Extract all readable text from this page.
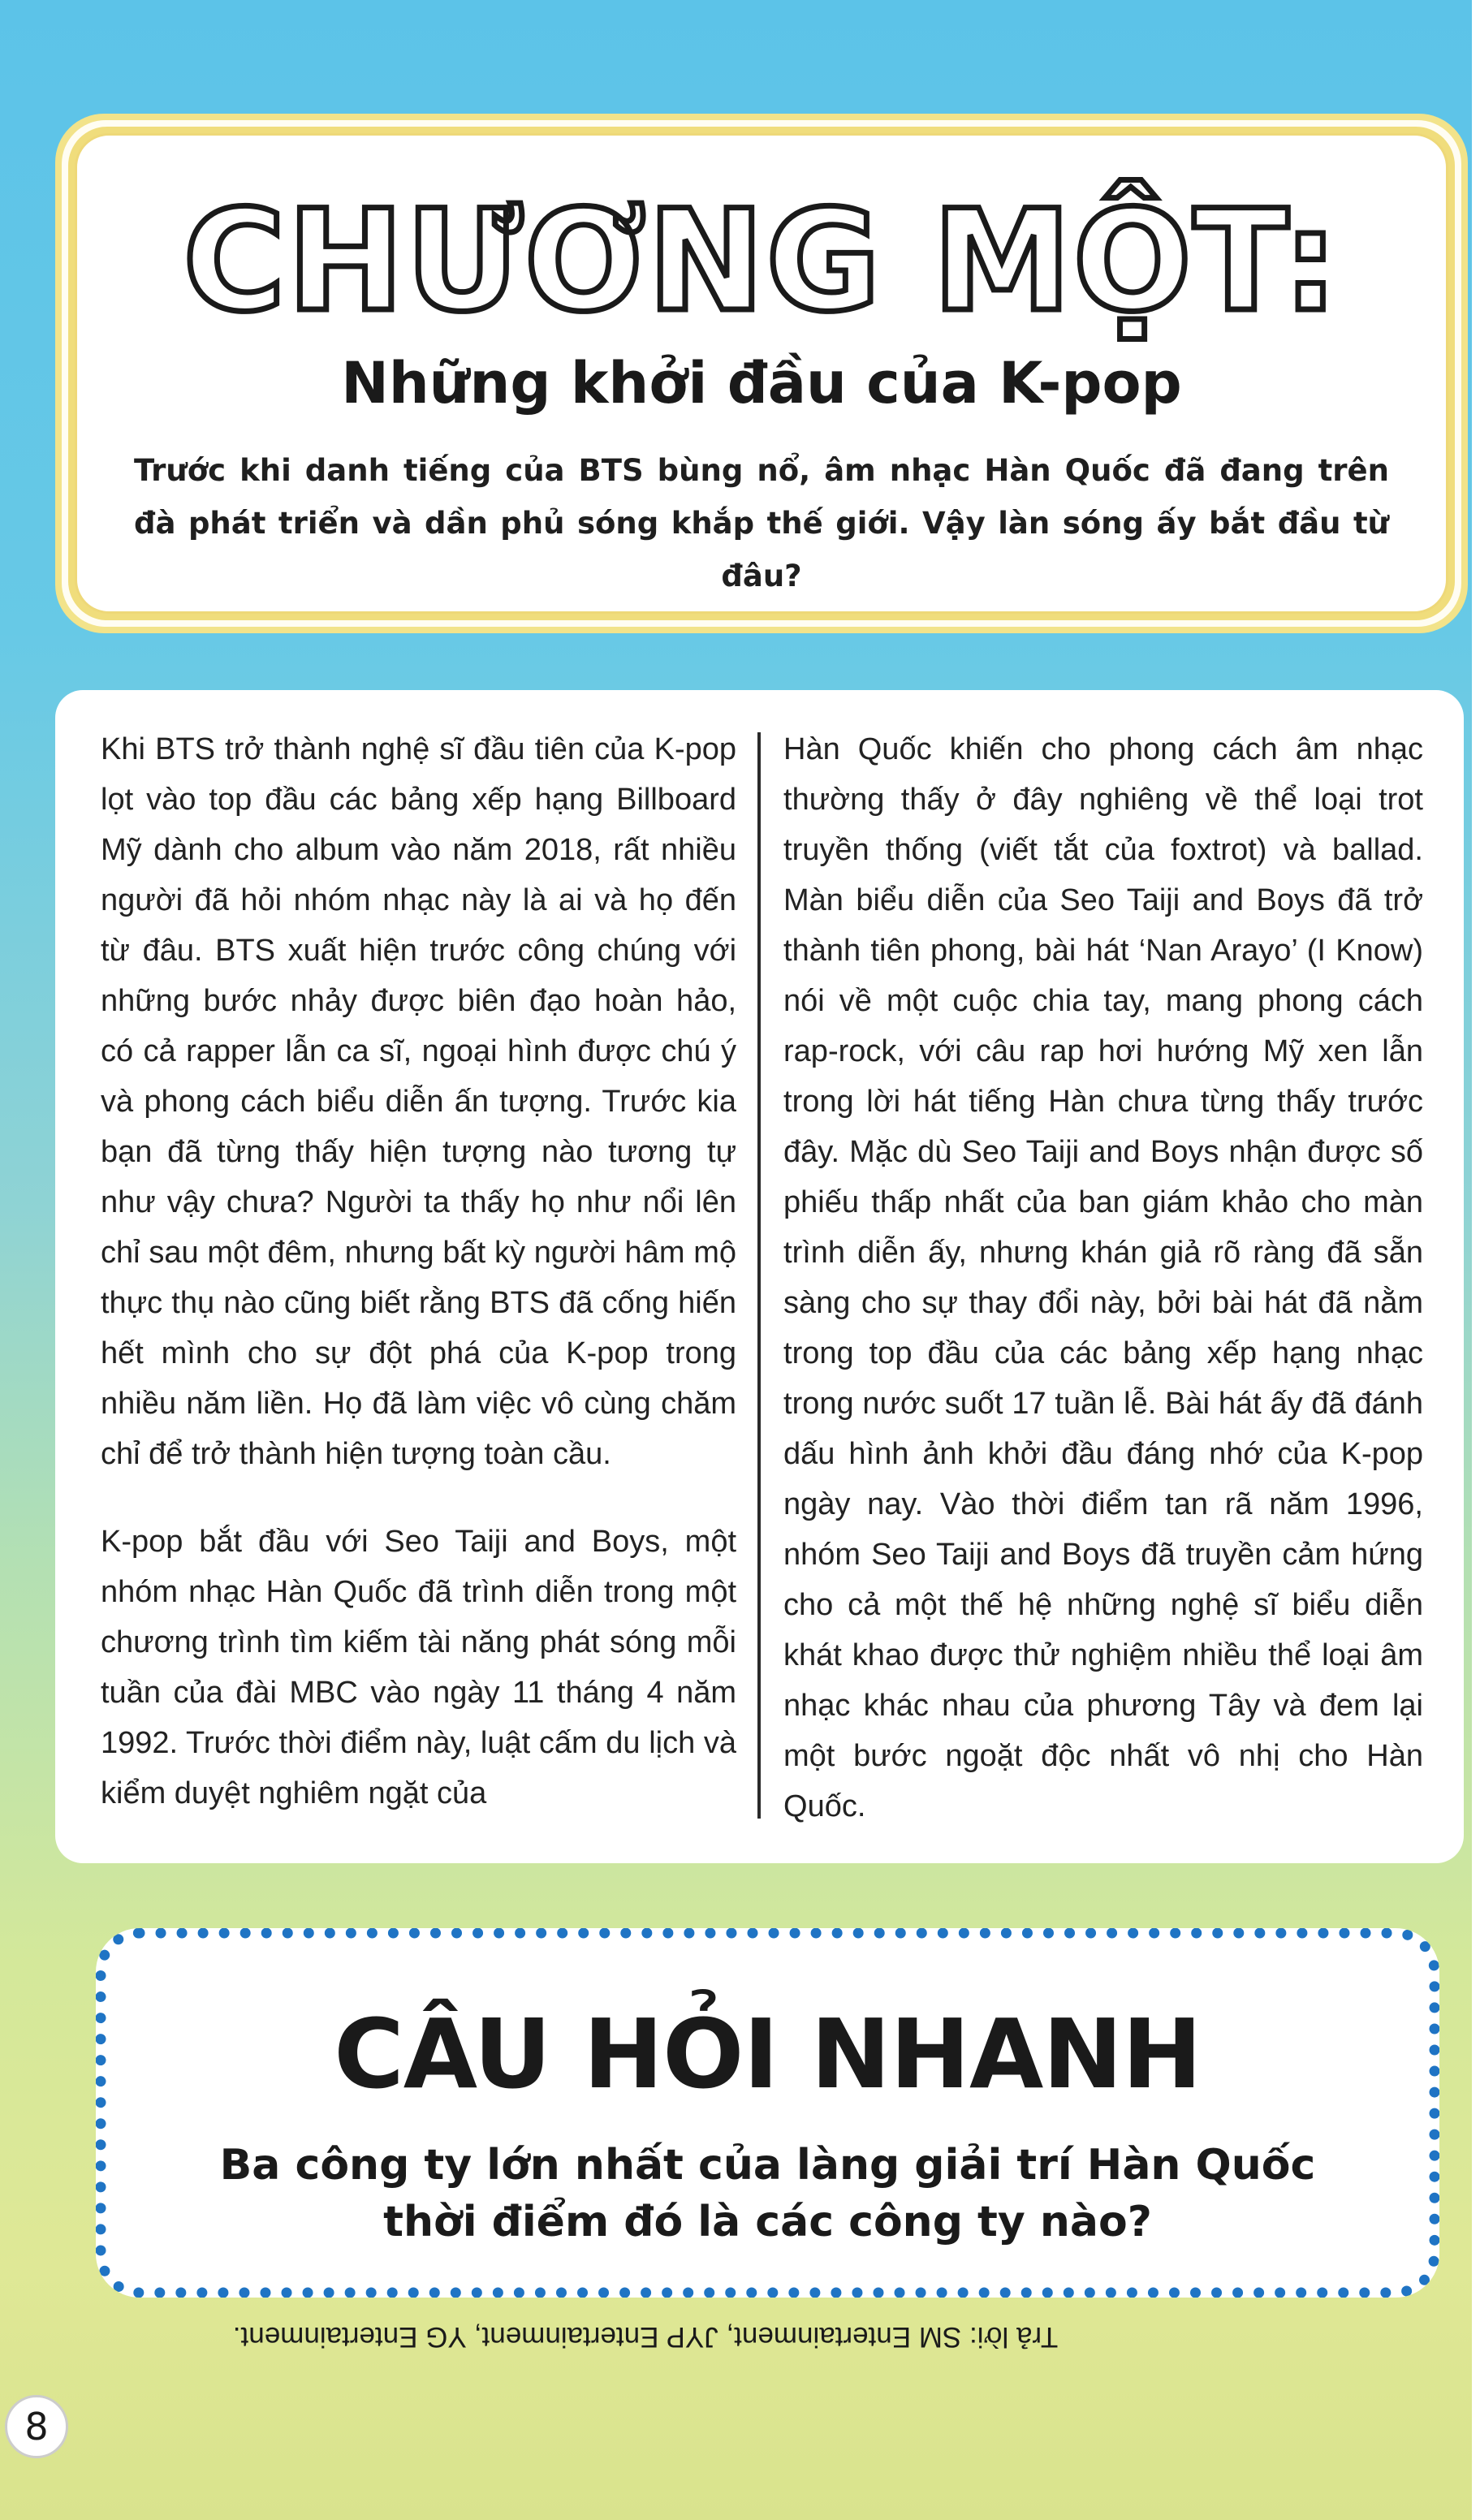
CHƯƠNG MỘT:
Những khởi đầu của K-pop

Trước khi danh tiếng của BTS bùng nổ, âm nhạc Hàn Quốc đã đang trên đà phát triển và dần phủ sóng khắp thế giới. Vậy làn sóng ấy bắt đầu từ đâu?

Khi BTS trở thành nghệ sĩ đầu tiên của K-pop lọt vào top đầu các bảng xếp hạng Billboard Mỹ dành cho album vào năm 2018, rất nhiều người đã hỏi nhóm nhạc này là ai và họ đến từ đâu. BTS xuất hiện trước công chúng với những bước nhảy được biên đạo hoàn hảo, có cả rapper lẫn ca sĩ, ngoại hình được chú ý và phong cách biểu diễn ấn tượng. Trước kia bạn đã từng thấy hiện tượng nào tương tự như vậy chưa? Người ta thấy họ như nổi lên chỉ sau một đêm, nhưng bất kỳ người hâm mộ thực thụ nào cũng biết rằng BTS đã cống hiến hết mình cho sự đột phá của K-pop trong nhiều năm liền. Họ đã làm việc vô cùng chăm chỉ để trở thành hiện tượng toàn cầu.

K-pop bắt đầu với Seo Taiji and Boys, một nhóm nhạc Hàn Quốc đã trình diễn trong một chương trình tìm kiếm tài năng phát sóng mỗi tuần của đài MBC vào ngày 11 tháng 4 năm 1992. Trước thời điểm này, luật cấm du lịch và kiểm duyệt nghiêm ngặt của

Hàn Quốc khiến cho phong cách âm nhạc thường thấy ở đây nghiêng về thể loại trot truyền thống (viết tắt của foxtrot) và ballad. Màn biểu diễn của Seo Taiji and Boys đã trở thành tiên phong, bài hát ‘Nan Arayo’ (I Know) nói về một cuộc chia tay, mang phong cách rap-rock, với câu rap hơi hướng Mỹ xen lẫn trong lời hát tiếng Hàn chưa từng thấy trước đây. Mặc dù Seo Taiji and Boys nhận được số phiếu thấp nhất của ban giám khảo cho màn trình diễn ấy, nhưng khán giả rõ ràng đã sẵn sàng cho sự thay đổi này, bởi bài hát đã nằm trong top đầu của các bảng xếp hạng nhạc trong nước suốt 17 tuần lễ. Bài hát ấy đã đánh dấu hình ảnh khởi đầu đáng nhớ của K-pop ngày nay. Vào thời điểm tan rã năm 1996, nhóm Seo Taiji and Boys đã truyền cảm hứng cho cả một thế hệ những nghệ sĩ biểu diễn khát khao được thử nghiệm nhiều thể loại âm nhạc khác nhau của phương Tây và đem lại một bước ngoặt độc nhất vô nhị cho Hàn Quốc.

CÂU HỎI NHANH

Ba công ty lớn nhất của làng giải trí Hàn Quốc
thời điểm đó là các công ty nào?

Trả lời: SM Entertainment, JYP Entertainment, YG Entertainment.
8
